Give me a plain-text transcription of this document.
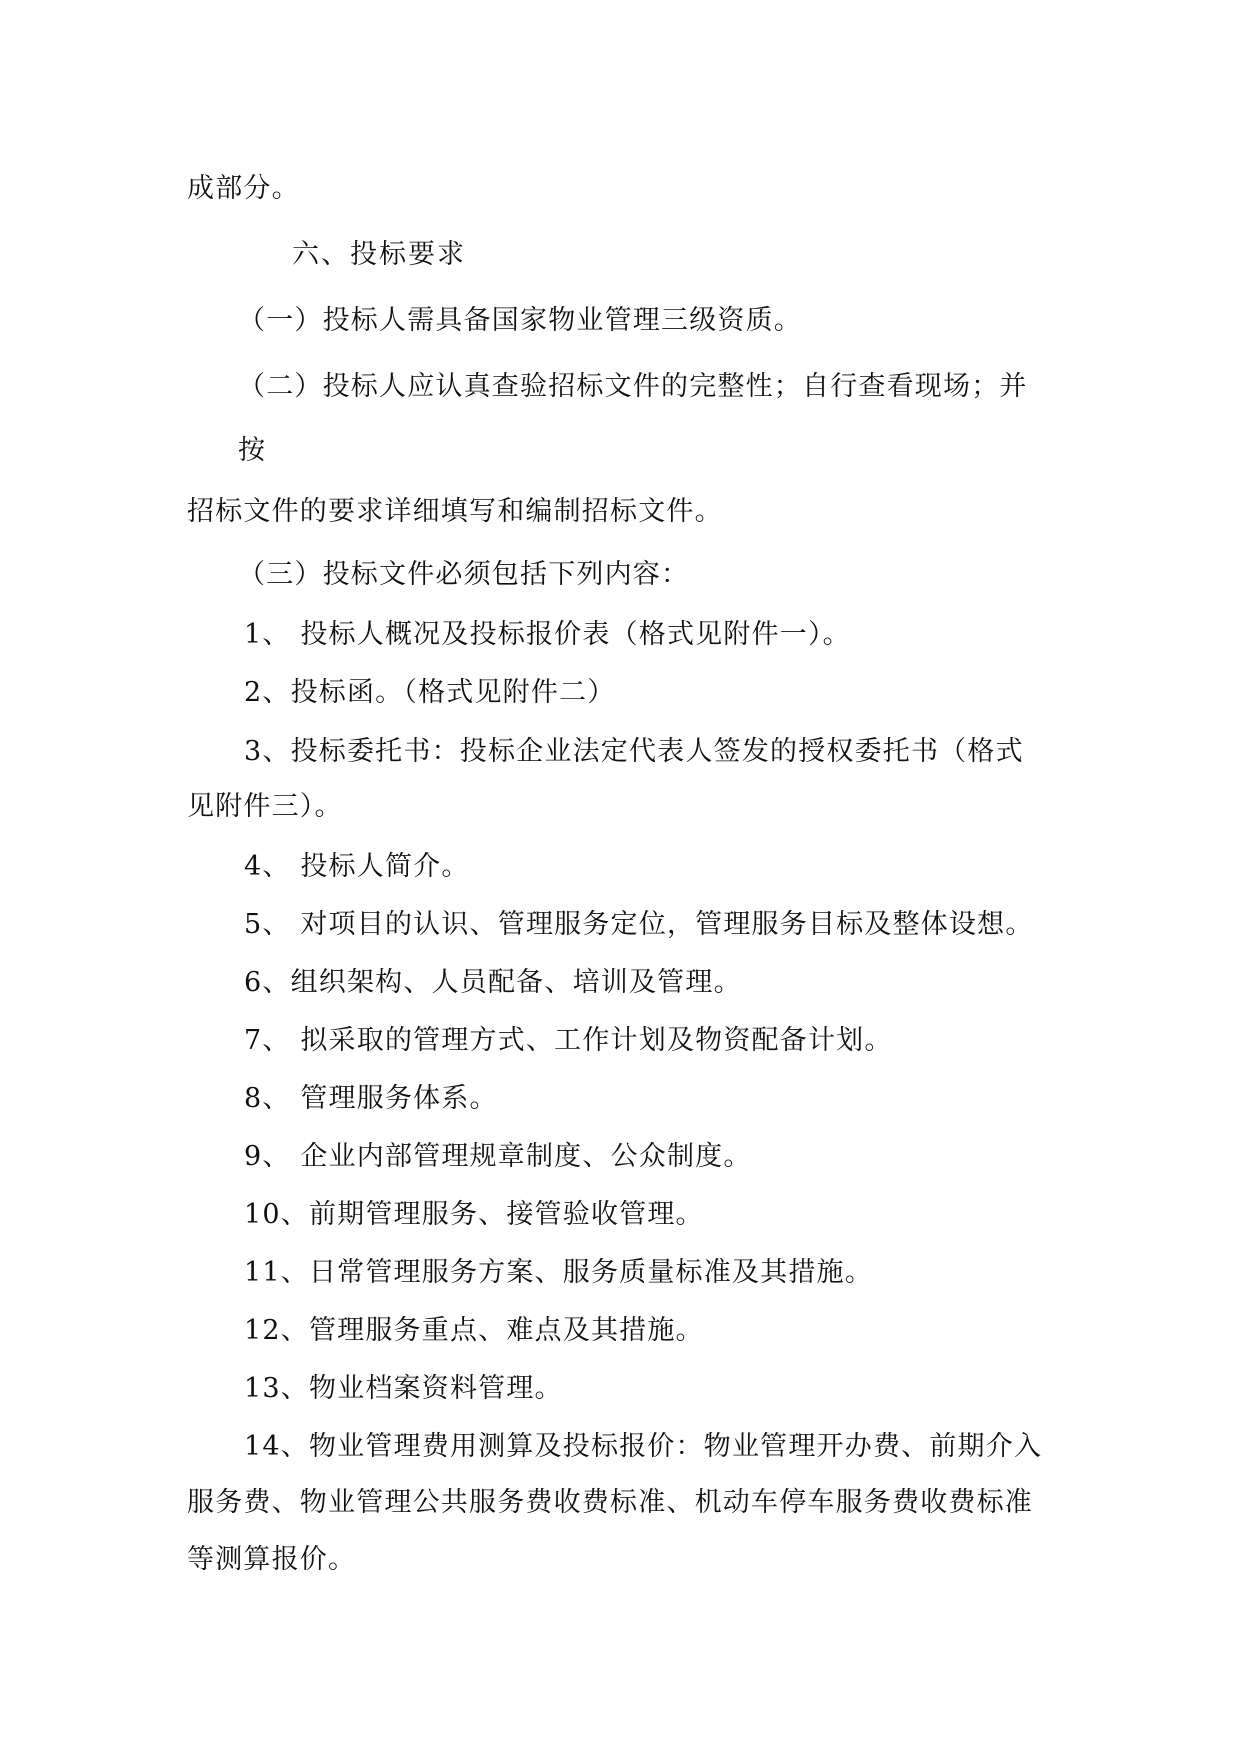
成部分。
六、投标要求
（一）投标人需具备国家物业管理三级资质。
（二）投标人应认真查验招标文件的完整性；自行查看现场；并
按
招标文件的要求详细填写和编制招标文件。
（三）投标文件必须包括下列内容：
1、 投标人概况及投标报价表（格式见附件一）。
2、投标函。（格式见附件二）
3、投标委托书：投标企业法定代表人签发的授权委托书（格式
见附件三）。
4、 投标人简介。
5、 对项目的认识、管理服务定位，管理服务目标及整体设想。
6、组织架构、人员配备、培训及管理。
7、 拟采取的管理方式、工作计划及物资配备计划。
8、 管理服务体系。
9、 企业内部管理规章制度、公众制度。
10、前期管理服务、接管验收管理。
11、日常管理服务方案、服务质量标准及其措施。
12、管理服务重点、难点及其措施。
13、物业档案资料管理。
14、物业管理费用测算及投标报价：物业管理开办费、前期介入
服务费、物业管理公共服务费收费标准、机动车停车服务费收费标准
等测算报价。
